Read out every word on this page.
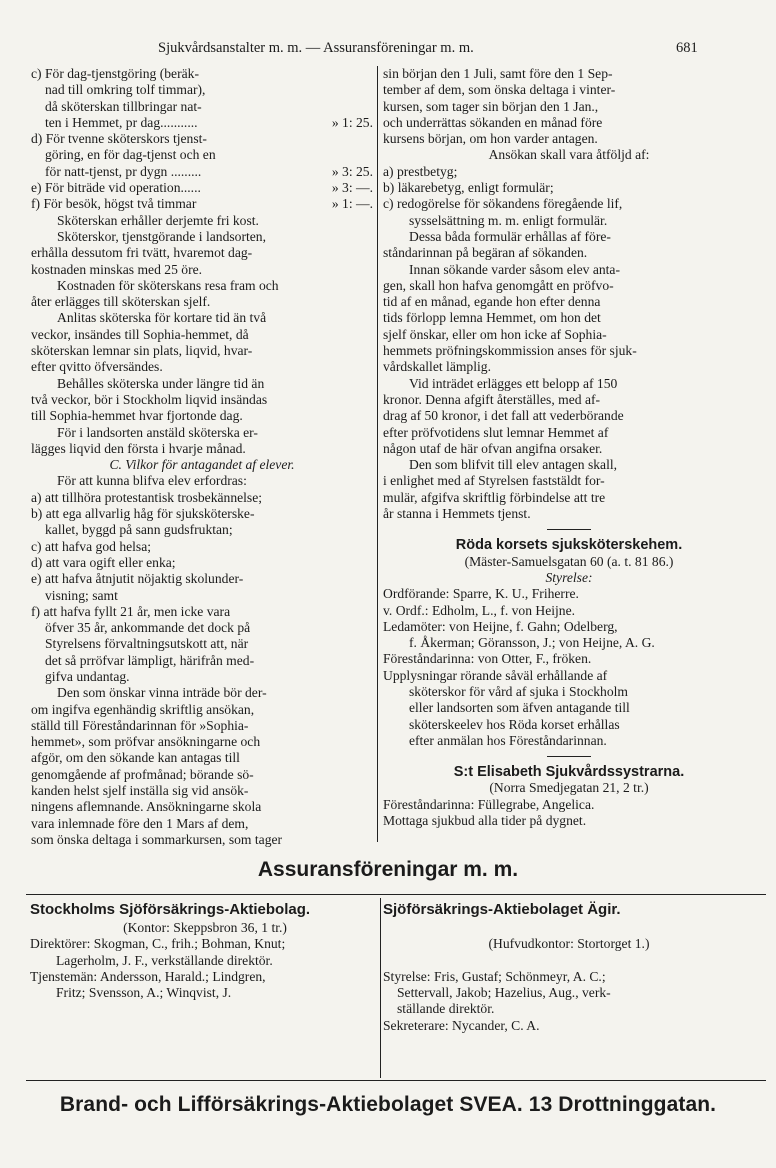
Sjukvårdsanstalter m. m. — Assuransföreningar m. m.	681
c) För dag-tjenstgöring (beräk-
nad till omkring tolf timmar),
då sköterskan tillbringar nat-
ten i Hemmet, pr dag...........	» 1: 25.
d) För tvenne sköterskors tjenst-
göring, en för dag-tjenst och en
för natt-tjenst, pr dygn .........	» 3: 25.
e) För biträde vid operation......	» 3: —.
f) För besök, högst två timmar	» 1: —.
Sköterskan erhåller derjemte fri kost.
Sköterskor, tjenstgörande i landsorten,
erhålla dessutom fri tvätt, hvaremot dag-
kostnaden minskas med 25 öre.
Kostnaden för sköterskans resa fram och
åter erlägges till sköterskan sjelf.
Anlitas sköterska för kortare tid än två
veckor, insändes till Sophia-hemmet, då
sköterskan lemnar sin plats, liqvid, hvar-
efter qvitto öfversändes.
Behålles sköterska under längre tid än
två veckor, bör i Stockholm liqvid insändas
till Sophia-hemmet hvar fjortonde dag.
För i landsorten anstäld sköterska er-
lägges liqvid den första i hvarje månad.
C. Vilkor för antagandet af elever.
För att kunna blifva elev erfordras:
a) att tillhöra protestantisk trosbekännelse;
b) att ega allvarlig håg för sjuksköterske-
kallet, byggd på sann gudsfruktan;
c) att hafva god helsa;
d) att vara ogift eller enka;
e) att hafva åtnjutit nöjaktig skolunder-
visning; samt
f) att hafva fyllt 21 år, men icke vara
öfver 35 år, ankommande det dock på
Styrelsens förvaltningsutskott att, när
det så prröfvar lämpligt, härifrån med-
gifva undantag.
Den som önskar vinna inträde bör der-
om ingifva egenhändig skriftlig ansökan,
ställd till Föreståndarinnan för »Sophia-
hemmet», som pröfvar ansökningarne och
afgör, om den sökande kan antagas till
genomgående af profmånad; börande sö-
kanden helst sjelf inställa sig vid ansök-
ningens aflemnande. Ansökningarne skola
vara inlemnade före den 1 Mars af dem,
som önska deltaga i sommarkursen, som tager
sin början den 1 Juli, samt före den 1 Sep-
tember af dem, som önska deltaga i vinter-
kursen, som tager sin början den 1 Jan.,
och underrättas sökanden en månad före
kursens början, om hon varder antagen.
Ansökan skall vara åtföljd af:
a) prestbetyg;
b) läkarebetyg, enligt formulär;
c) redogörelse för sökandens föregående lif,
sysselsättning m. m. enligt formulär.
Dessa båda formulär erhållas af före-
ståndarinnan på begäran af sökanden.
Innan sökande varder såsom elev anta-
gen, skall hon hafva genomgått en pröfvo-
tid af en månad, egande hon efter denna
tids förlopp lemna Hemmet, om hon det
sjelf önskar, eller om hon icke af Sophia-
hemmets pröfningskommission anses för sjuk-
vårdskallet lämplig.
Vid inträdet erlägges ett belopp af 150
kronor. Denna afgift återställes, med af-
drag af 50 kronor, i det fall att vederbörande
efter pröfvotidens slut lemnar Hemmet af
någon utaf de här ofvan angifna orsaker.
Den som blifvit till elev antagen skall,
i enlighet med af Styrelsen faststäldt for-
mulär, afgifva skriftlig förbindelse att tre
år stanna i Hemmets tjenst.
Röda korsets sjuksköterskehem.
(Mäster-Samuelsgatan 60 (a. t. 81 86.)
Styrelse:
Ordförande: Sparre, K. U., Friherre.
v. Ordf.: Edholm, L., f. von Heijne.
Ledamöter: von Heijne, f. Gahn; Odelberg,
f. Åkerman; Göransson, J.; von Heijne, A. G.
Föreståndarinna: von Otter, F., fröken.
Upplysningar rörande såväl erhållande af
sköterskor för vård af sjuka i Stockholm
eller landsorten som äfven antagande till
sköterskeelev hos Röda korset erhållas
efter anmälan hos Föreståndarinnan.
S:t Elisabeth Sjukvårdssystrarna.
(Norra Smedjegatan 21, 2 tr.)
Föreståndarinna: Füllegrabe, Angelica.
Mottaga sjukbud alla tider på dygnet.
Assuransföreningar m. m.
Stockholms Sjöförsäkrings-Aktiebolag.
(Kontor: Skeppsbron 36, 1 tr.)
Direktörer: Skogman, C., frih.; Bohman, Knut;
Lagerholm, J. F., verkställande direktör.
Tjenstemän: Andersson, Harald.; Lindgren,
Fritz; Svensson, A.; Winqvist, J.
Sjöförsäkrings-Aktiebolaget Ägir.
(Hufvudkontor: Stortorget 1.)
Styrelse: Fris, Gustaf; Schönmeyr, A. C.;
Settervall, Jakob; Hazelius, Aug., verk-
ställande direktör.
Sekreterare: Nycander, C. A.
Brand- och Lifförsäkrings-Aktiebolaget SVEA. 13 Drottninggatan.
